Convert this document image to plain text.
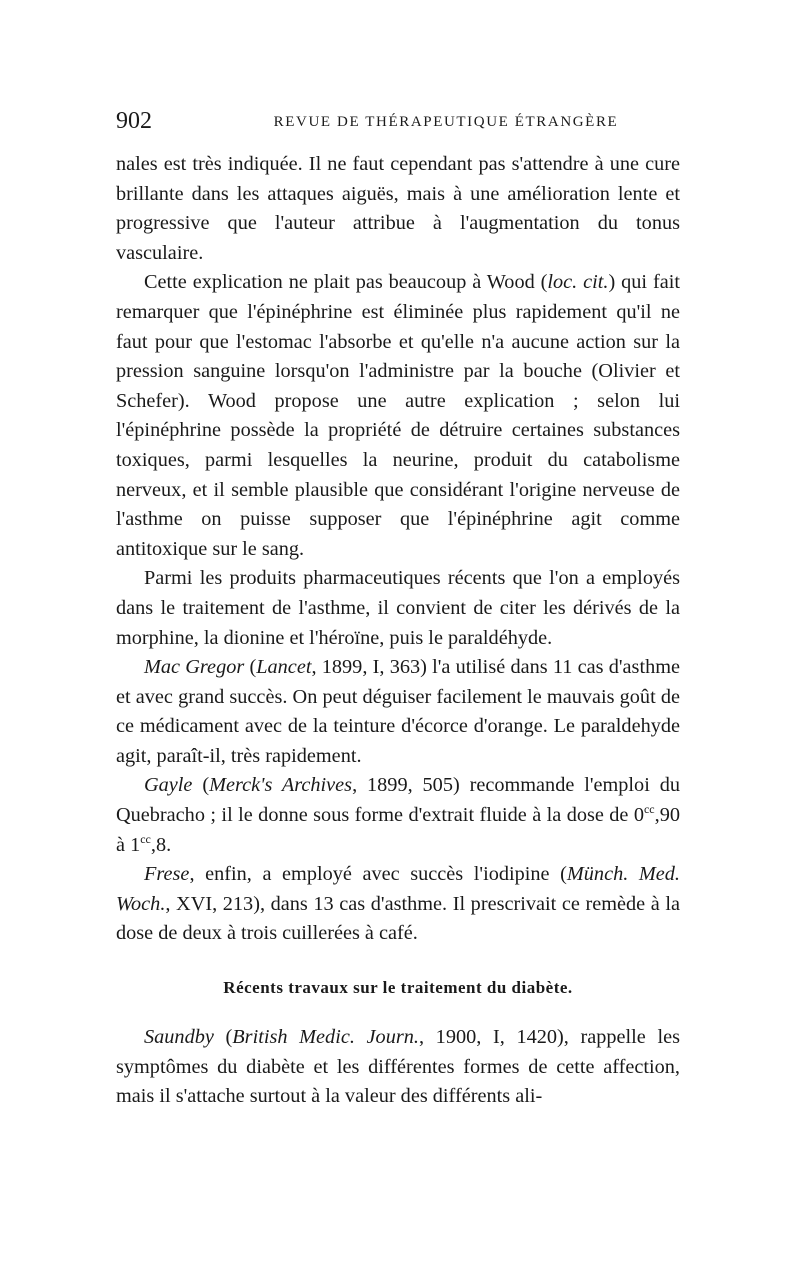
902	REVUE DE THÉRAPEUTIQUE ÉTRANGÈRE

nales est très indiquée. Il ne faut cependant pas s'attendre à une cure brillante dans les attaques aiguës, mais à une amélioration lente et progressive que l'auteur attribue à l'augmentation du tonus vasculaire.

Cette explication ne plait pas beaucoup à Wood (loc. cit.) qui fait remarquer que l'épinéphrine est éliminée plus rapidement qu'il ne faut pour que l'estomac l'absorbe et qu'elle n'a aucune action sur la pression sanguine lorsqu'on l'administre par la bouche (Olivier et Schefer). Wood propose une autre explication ; selon lui l'épinéphrine possède la propriété de détruire certaines substances toxiques, parmi lesquelles la neurine, produit du catabolisme nerveux, et il semble plausible que considérant l'origine nerveuse de l'asthme on puisse supposer que l'épinéphrine agit comme antitoxique sur le sang.

Parmi les produits pharmaceutiques récents que l'on a employés dans le traitement de l'asthme, il convient de citer les dérivés de la morphine, la dionine et l'héroïne, puis le paraldéhyde.

Mac Gregor (Lancet, 1899, I, 363) l'a utilisé dans 11 cas d'asthme et avec grand succès. On peut déguiser facilement le mauvais goût de ce médicament avec de la teinture d'écorce d'orange. Le paraldehyde agit, paraît-il, très rapidement.

Gayle (Merck's Archives, 1899, 505) recommande l'emploi du Quebracho ; il le donne sous forme d'extrait fluide à la dose de $0^{cc},90$ à $1^{cc},8$.

Frese, enfin, a employé avec succès l'iodipine (Münch. Med. Woch., XVI, 213), dans 13 cas d'asthme. Il prescrivait ce remède à la dose de deux à trois cuillerées à café.

Récents travaux sur le traitement du diabète.

Saundby (British Medic. Journ., 1900, I, 1420), rappelle les symptômes du diabète et les différentes formes de cette affection, mais il s'attache surtout à la valeur des différents ali-
